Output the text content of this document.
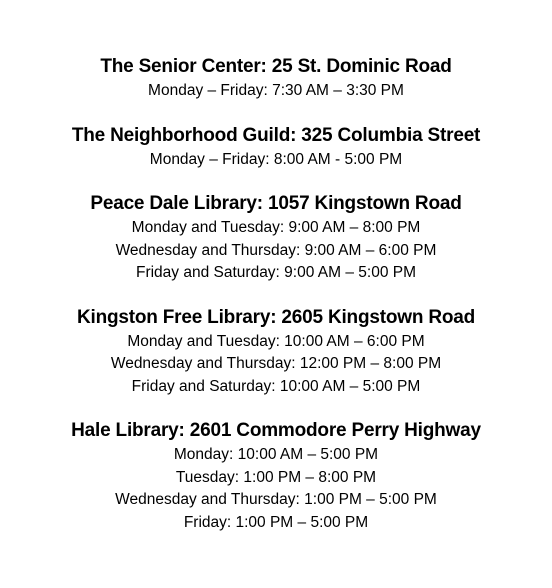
The Senior Center: 25 St. Dominic Road

Monday – Friday: 7:30 AM – 3:30 PM

The Neighborhood Guild: 325 Columbia Street

Monday – Friday: 8:00 AM - 5:00 PM

Peace Dale Library: 1057 Kingstown Road

Monday and Tuesday: 9:00 AM – 8:00 PM

Wednesday and Thursday: 9:00 AM – 6:00 PM

Friday and Saturday: 9:00 AM – 5:00 PM

Kingston Free Library: 2605 Kingstown Road

Monday and Tuesday: 10:00 AM – 6:00 PM

Wednesday and Thursday: 12:00 PM – 8:00 PM

Friday and Saturday: 10:00 AM – 5:00 PM

Hale Library: 2601 Commodore Perry Highway

Monday: 10:00 AM – 5:00 PM

Tuesday: 1:00 PM – 8:00 PM

Wednesday and Thursday: 1:00 PM – 5:00 PM

Friday: 1:00 PM – 5:00 PM
